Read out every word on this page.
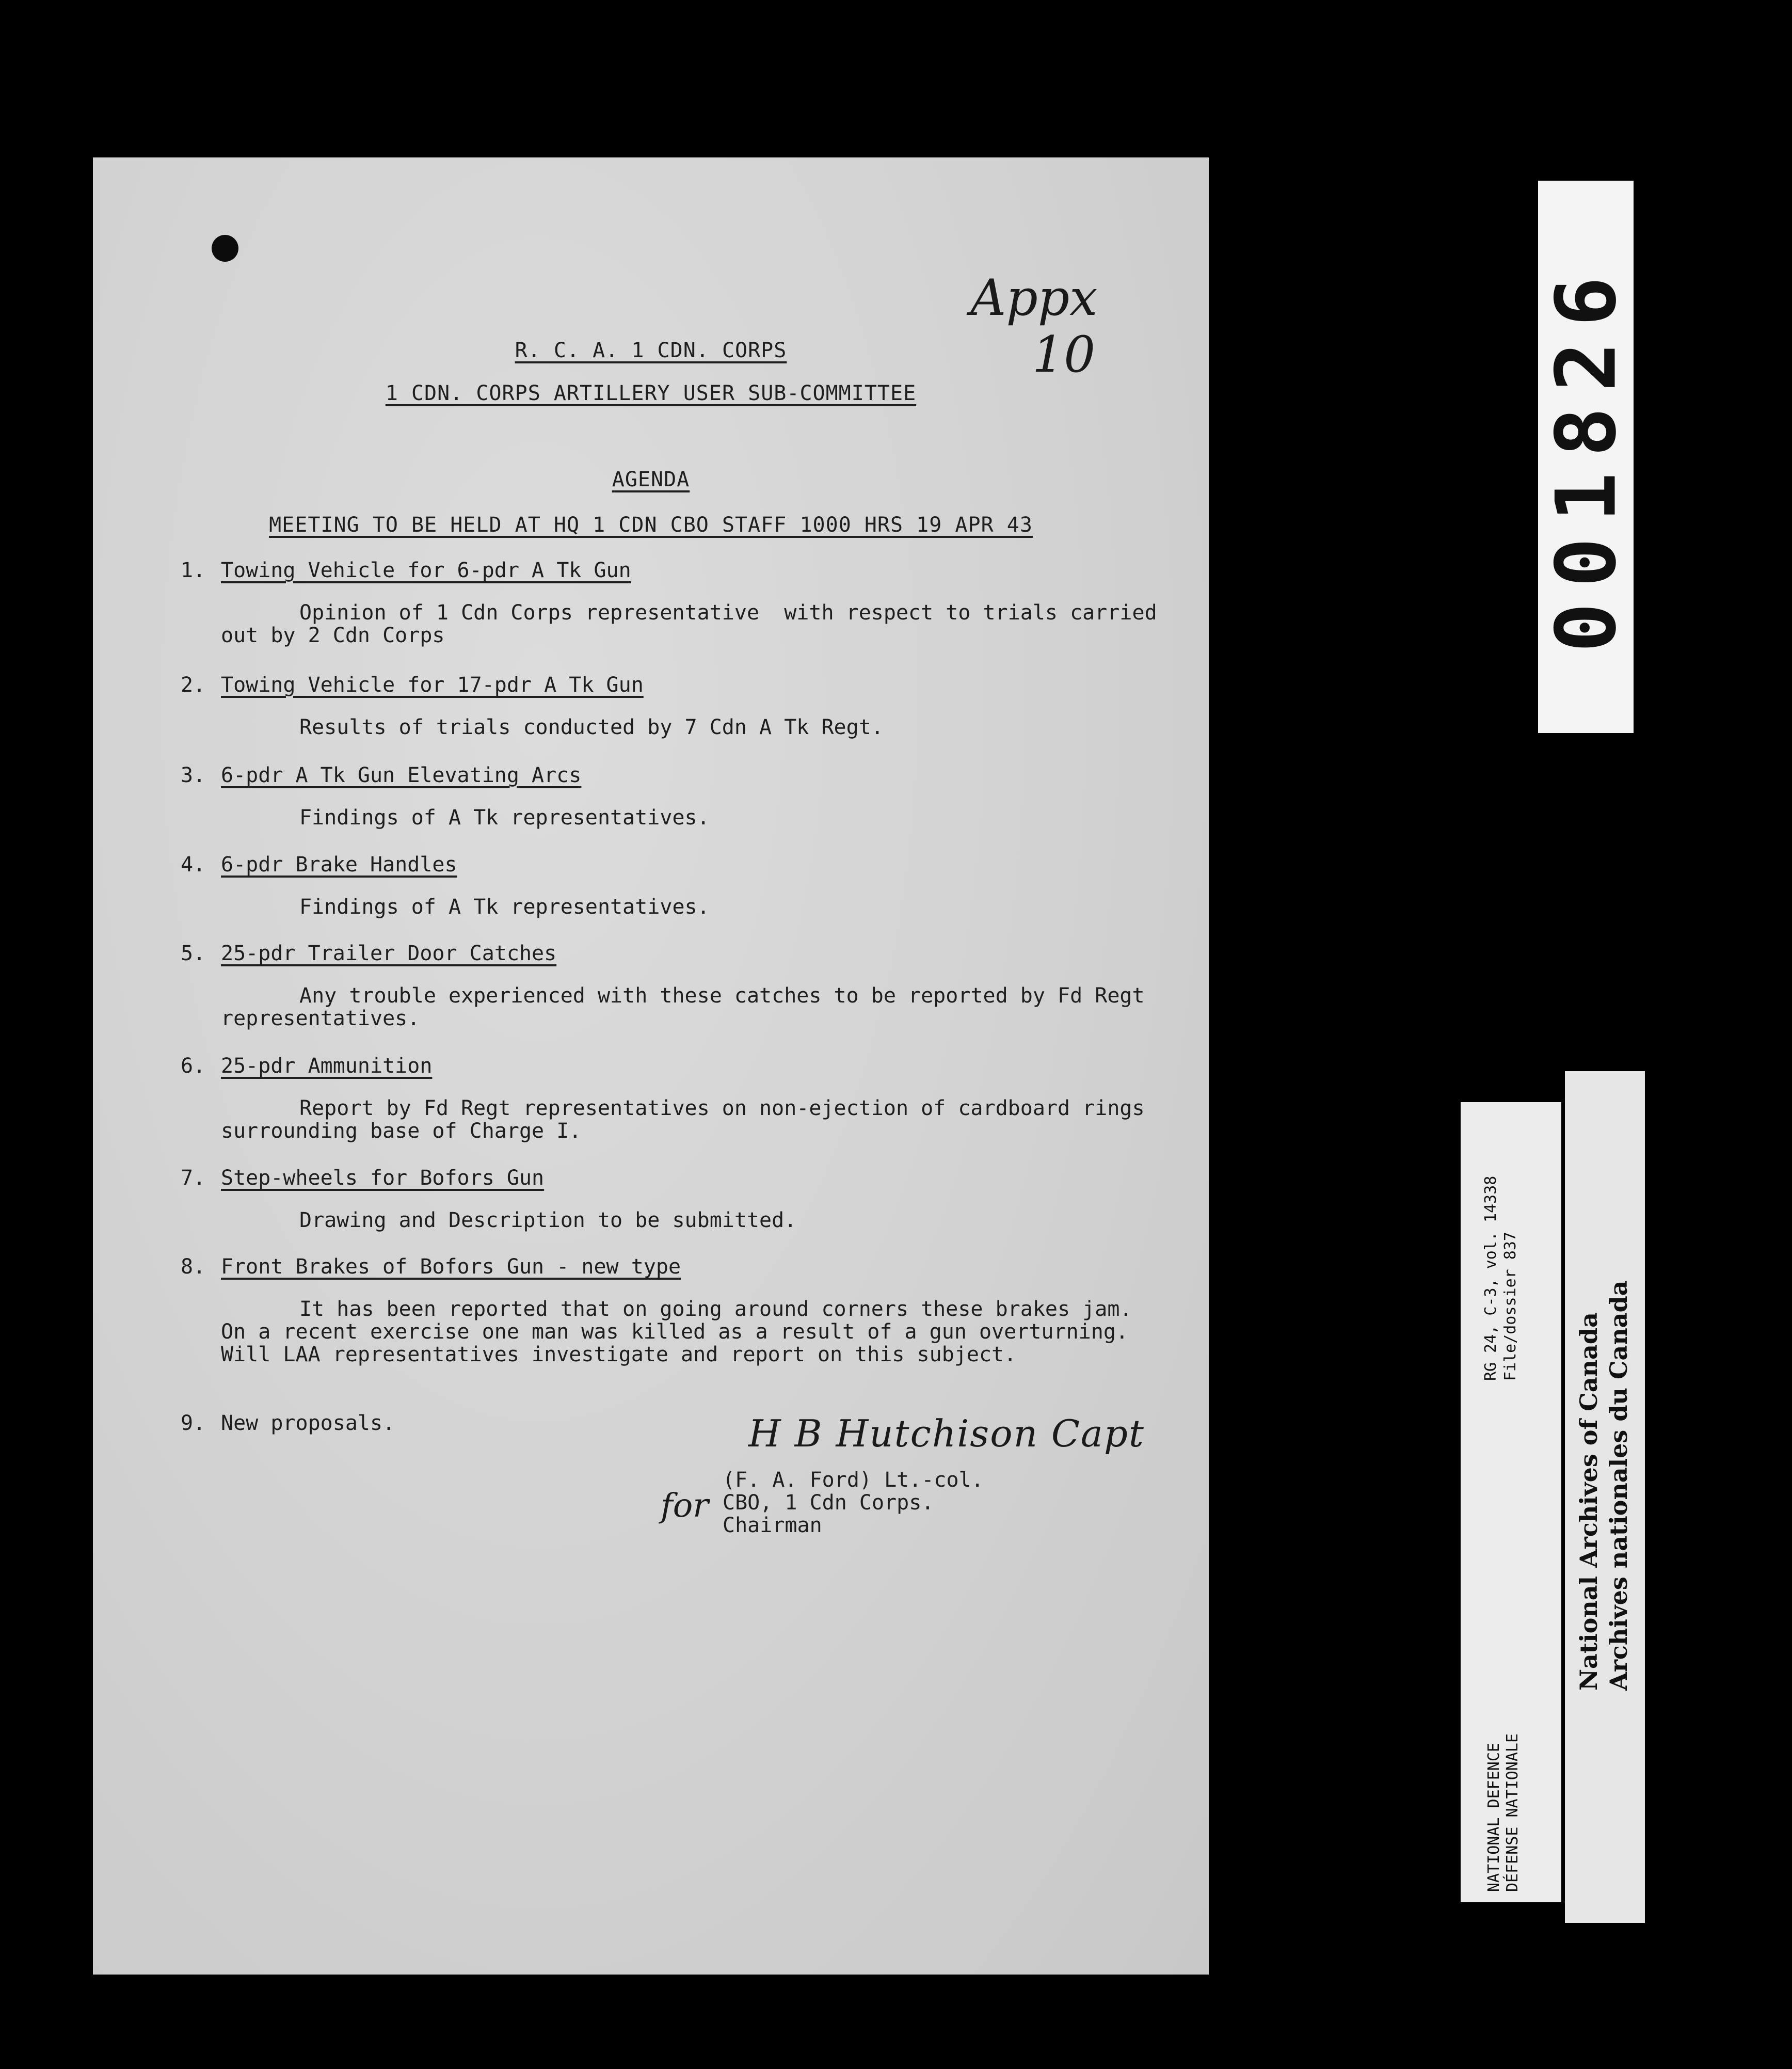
R. C. A. 1 CDN. CORPS
1 CDN. CORPS ARTILLERY USER SUB-COMMITTEE
Appx
10
AGENDA
MEETING TO BE HELD AT HQ 1 CDN CBO STAFF 1000 HRS 19 APR 43
1. Towing Vehicle for 6-pdr A Tk Gun
Opinion of 1 Cdn Corps representative  with respect to trials carried out by 2 Cdn Corps
2. Towing Vehicle for 17-pdr A Tk Gun
Results of trials conducted by 7 Cdn A Tk Regt.
3. 6-pdr A Tk Gun Elevating Arcs
Findings of A Tk representatives.
4. 6-pdr Brake Handles
Findings of A Tk representatives.
5. 25-pdr Trailer Door Catches
Any trouble experienced with these catches to be reported by Fd Regt representatives.
6. 25-pdr Ammunition
Report by Fd Regt representatives on non-ejection of cardboard rings surrounding base of Charge I.
7. Step-wheels for Bofors Gun
Drawing and Description to be submitted.
8. Front Brakes of Bofors Gun - new type
It has been reported that on going around corners these brakes jam.  On a recent exercise one man was killed as a result of a gun overturning.  Will LAA representatives investigate and report on this subject.
9. New proposals.	H B Hutchison Capt
for
(F. A. Ford) Lt.-col.
CBO, 1 Cdn Corps.
Chairman
001826
RG 24, C-3, vol. 14338 File/dossier 837
NATIONAL DEFENCE DÉFENSE NATIONALE
National Archives of Canada Archives nationales du Canada
